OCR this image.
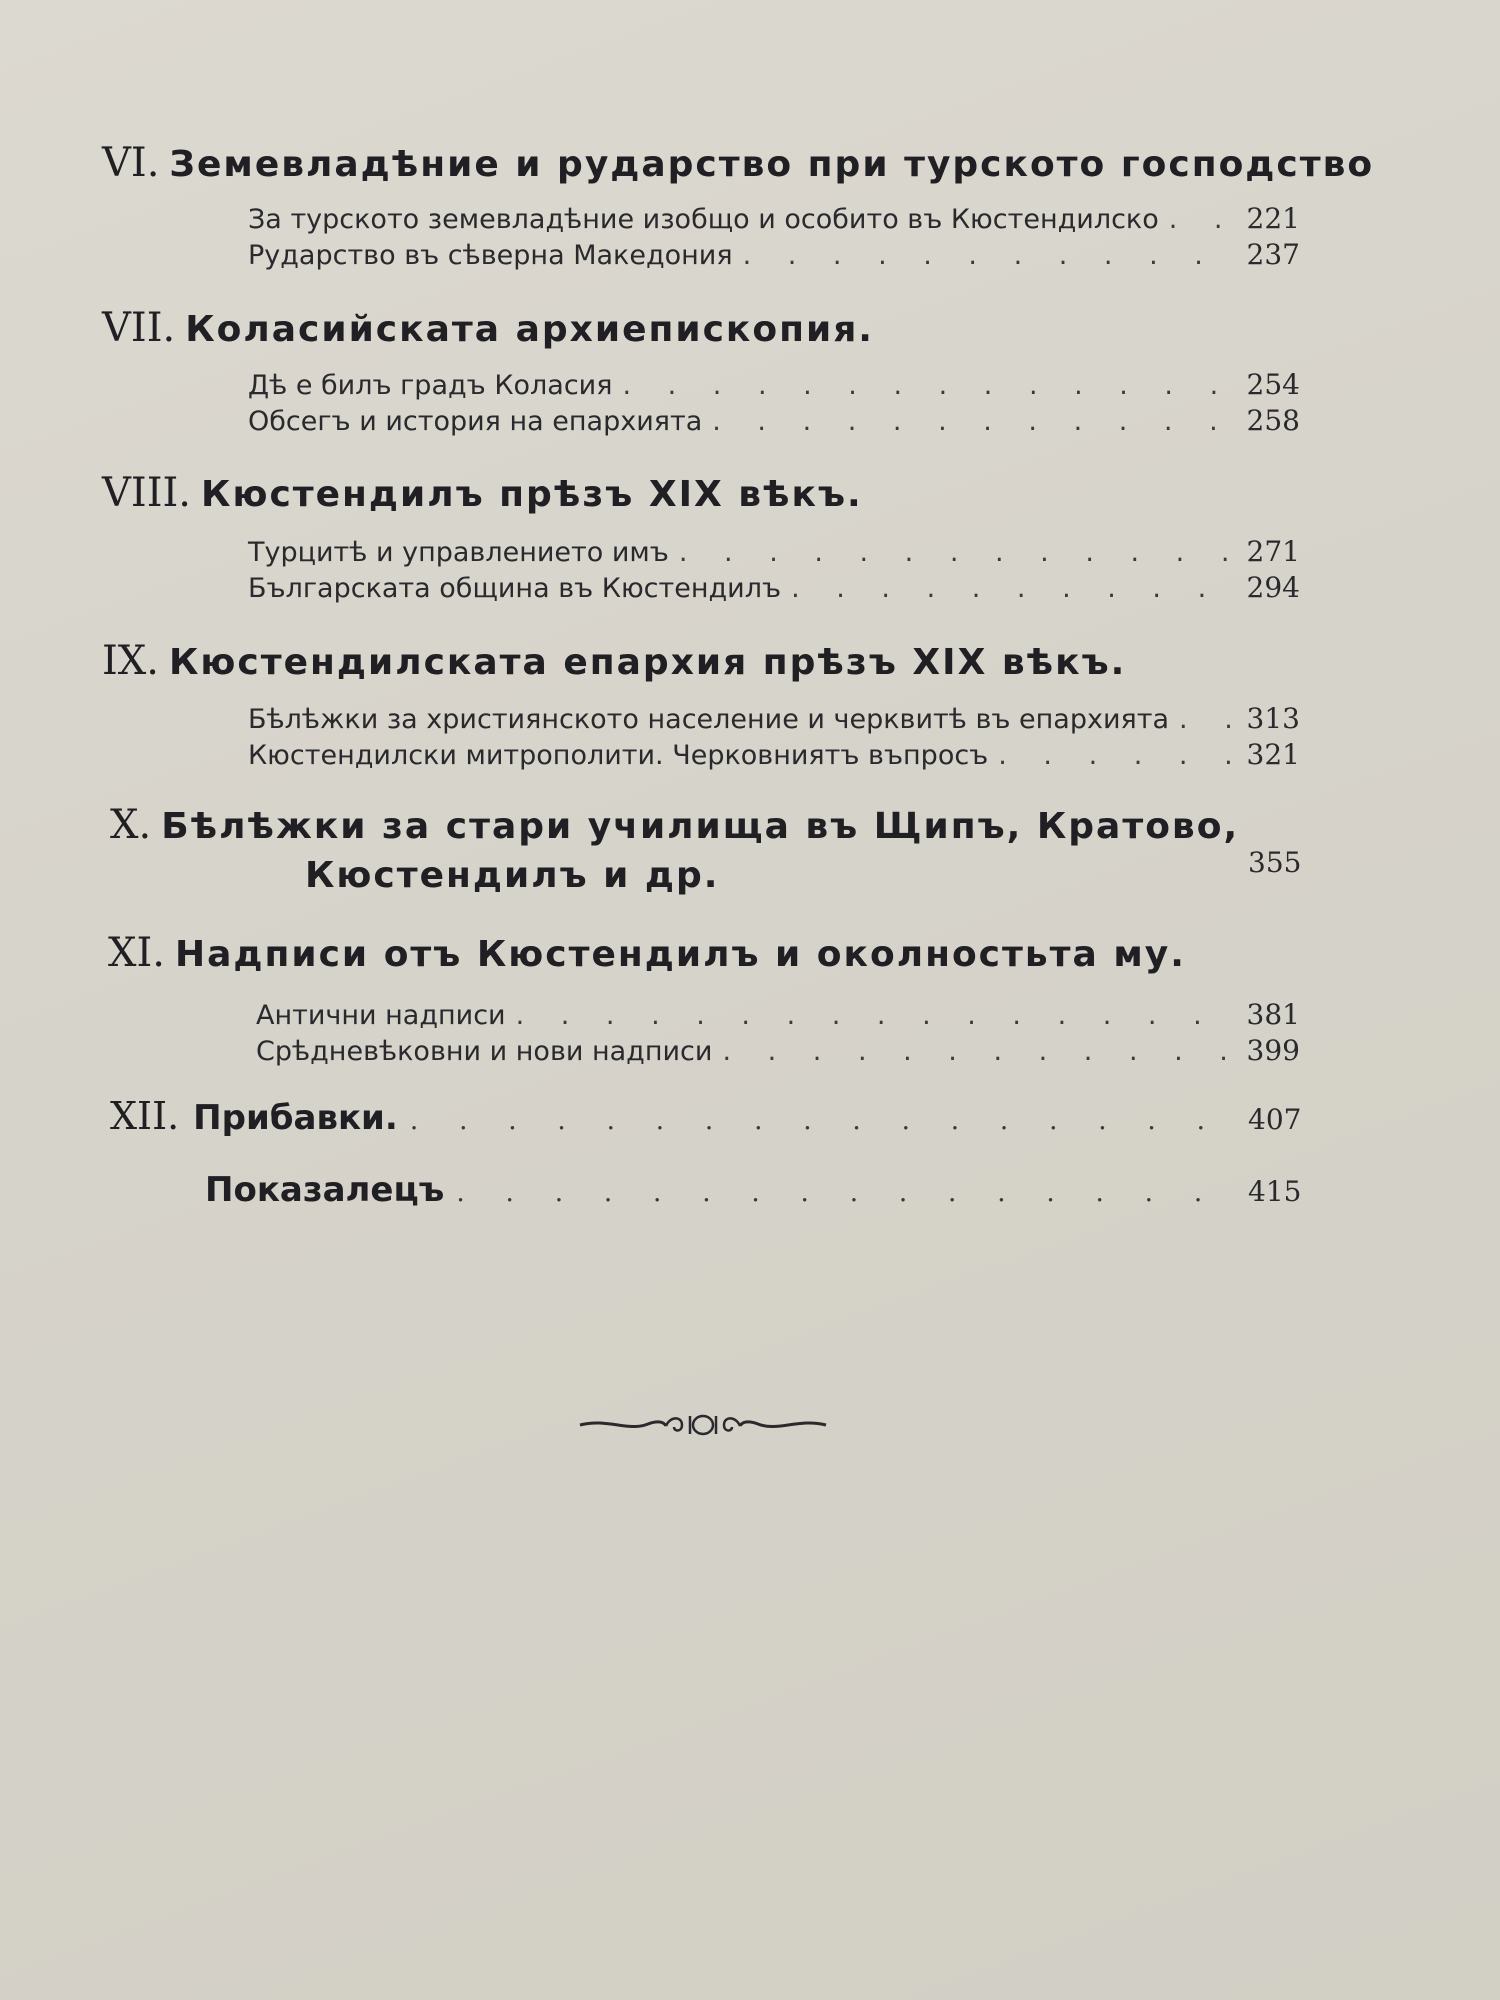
VI. Земевладѣние и рударство при турското господство
За турското земевладѣние изобщо и особито въ Кюстендилско . . .	221
Рударство въ сѣверна Македония . . .	237
VII. Коласийската архиепископия.
Дѣ е билъ градъ Коласия . . .	254
Обсегъ и история на епархията . . .	258
VIII. Кюстендилъ прѣзъ XIX вѣкъ.
Турцитѣ и управлението имъ . . .	271
Българската община въ Кюстендилъ . . .	294
IX. Кюстендилската епархия прѣзъ XIX вѣкъ.
Бѣлѣжки за християнското население и черквитѣ въ епархията . . .	313
Кюстендилски митрополити. Черковниятъ въпросъ . . .	321
X. Бѣлѣжки за стари училища въ Щипъ, Кратово,
Кюстендилъ и др.	355
XI. Надписи отъ Кюстендилъ и околностьта му.
Антични надписи . . .	381
Срѣдневѣковни и нови надписи . . .	399
XII. Прибавки. . . .	407
Показалецъ . . .	415
